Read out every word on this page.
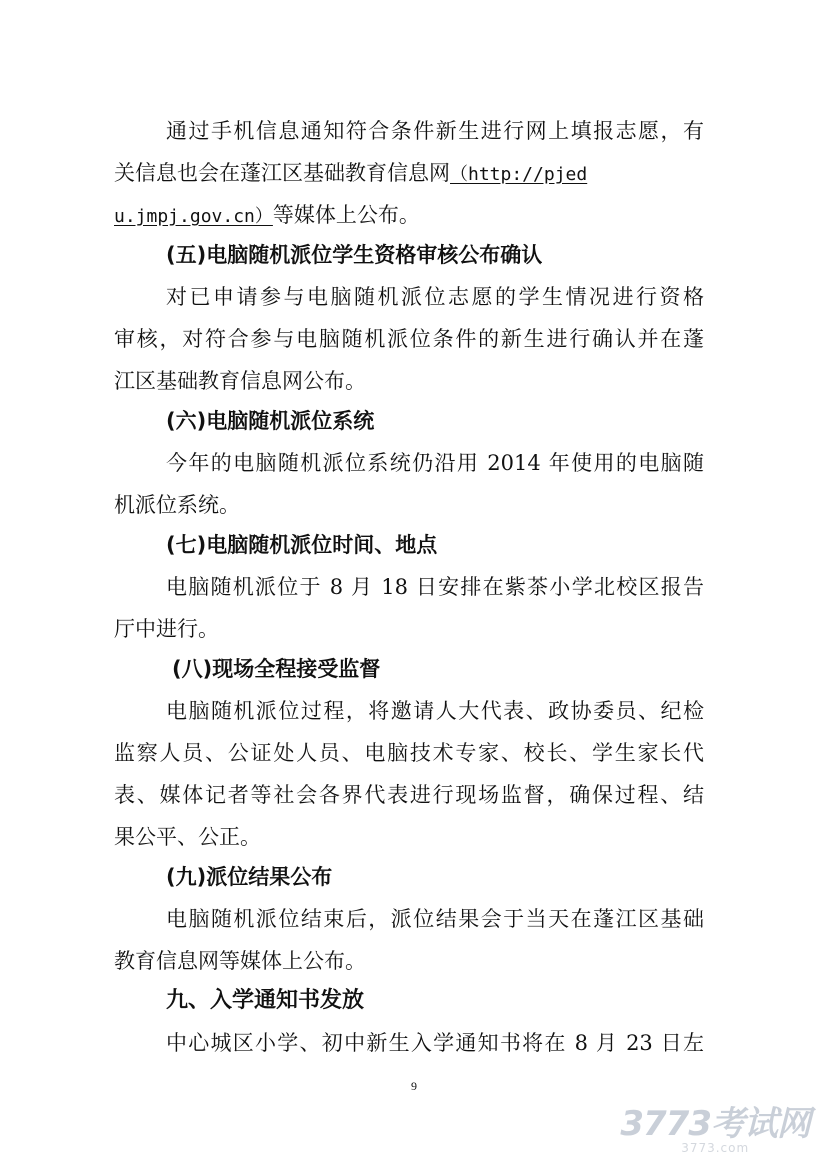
通过手机信息通知符合条件新生进行网上填报志愿，有
关信息也会在蓬江区基础教育信息网（http://pjed
u.jmpj.gov.cn）等媒体上公布。
(五)电脑随机派位学生资格审核公布确认
对已申请参与电脑随机派位志愿的学生情况进行资格
审核，对符合参与电脑随机派位条件的新生进行确认并在蓬
江区基础教育信息网公布。
(六)电脑随机派位系统
今年的电脑随机派位系统仍沿用 2014 年使用的电脑随
机派位系统。
(七)电脑随机派位时间、地点
电脑随机派位于 8 月 18 日安排在紫茶小学北校区报告
厅中进行。
(八)现场全程接受监督
电脑随机派位过程，将邀请人大代表、政协委员、纪检
监察人员、公证处人员、电脑技术专家、校长、学生家长代
表、媒体记者等社会各界代表进行现场监督，确保过程、结
果公平、公正。
(九)派位结果公布
电脑随机派位结束后，派位结果会于当天在蓬江区基础
教育信息网等媒体上公布。
九、入学通知书发放
中心城区小学、初中新生入学通知书将在 8 月 23 日左
9
3773考试网
3773.com
